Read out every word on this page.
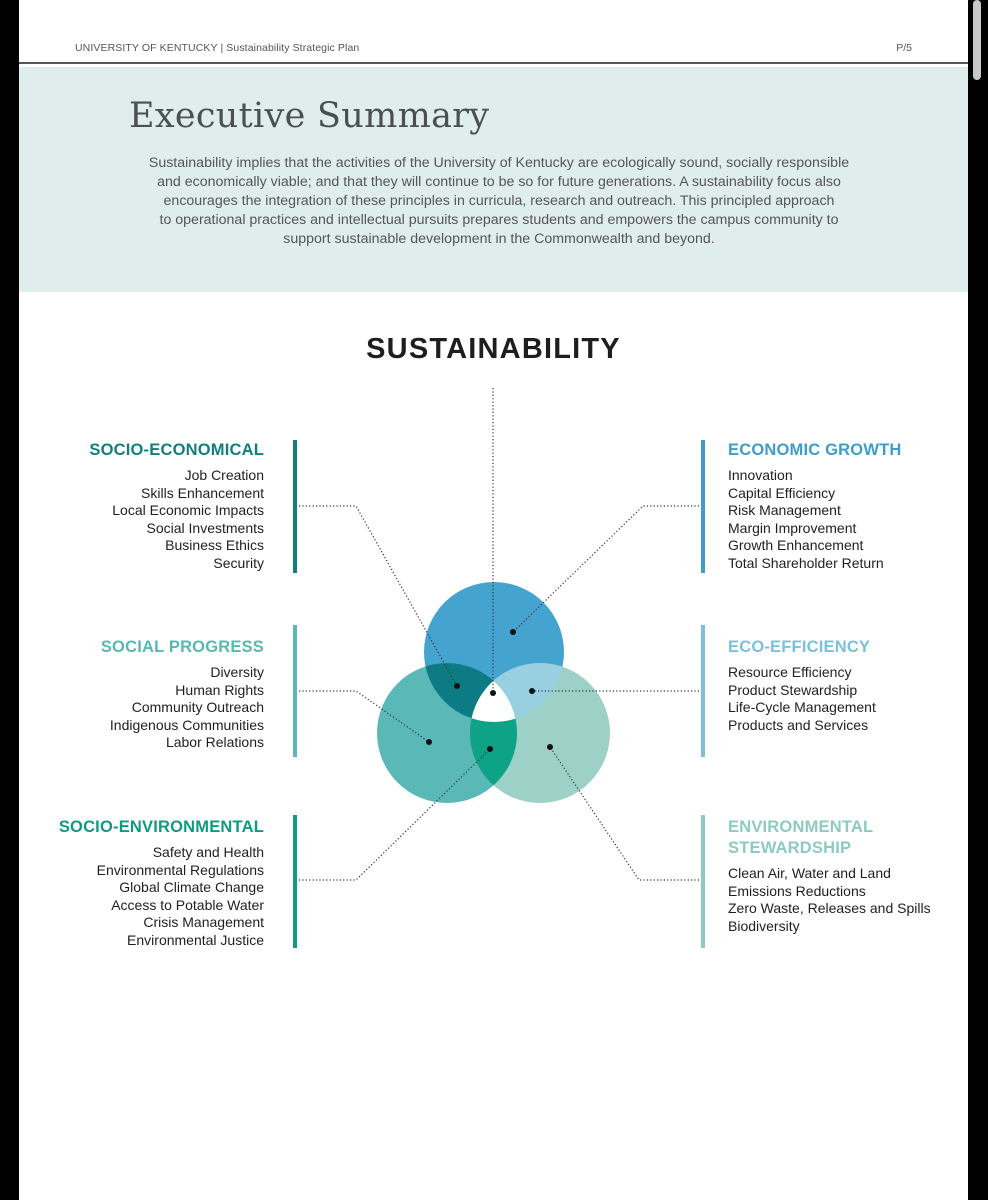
UNIVERSITY OF KENTUCKY | Sustainability Strategic Plan	P/5
Executive Summary

Sustainability implies that the activities of the University of Kentucky are ecologically sound, socially responsible
and economically viable; and that they will continue to be so for future generations. A sustainability focus also
encourages the integration of these principles in curricula, research and outreach. This principled approach
to operational practices and intellectual pursuits prepares students and empowers the campus community to
support sustainable development in the Commonwealth and beyond.

SUSTAINABILITY
SOCIO-ECONOMICAL
Job Creation
Skills Enhancement
Local Economic Impacts
Social Investments
Business Ethics
Security
SOCIAL PROGRESS
Diversity
Human Rights
Community Outreach
Indigenous Communities
Labor Relations
SOCIO-ENVIRONMENTAL
Safety and Health
Environmental Regulations
Global Climate Change
Access to Potable Water
Crisis Management
Environmental Justice
ECONOMIC GROWTH
Innovation
Capital Efficiency
Risk Management
Margin Improvement
Growth Enhancement
Total Shareholder Return
ECO-EFFICIENCY
Resource Efficiency
Product Stewardship
Life-Cycle Management
Products and Services
ENVIRONMENTAL
STEWARDSHIP
Clean Air, Water and Land
Emissions Reductions
Zero Waste, Releases and Spills
Biodiversity
